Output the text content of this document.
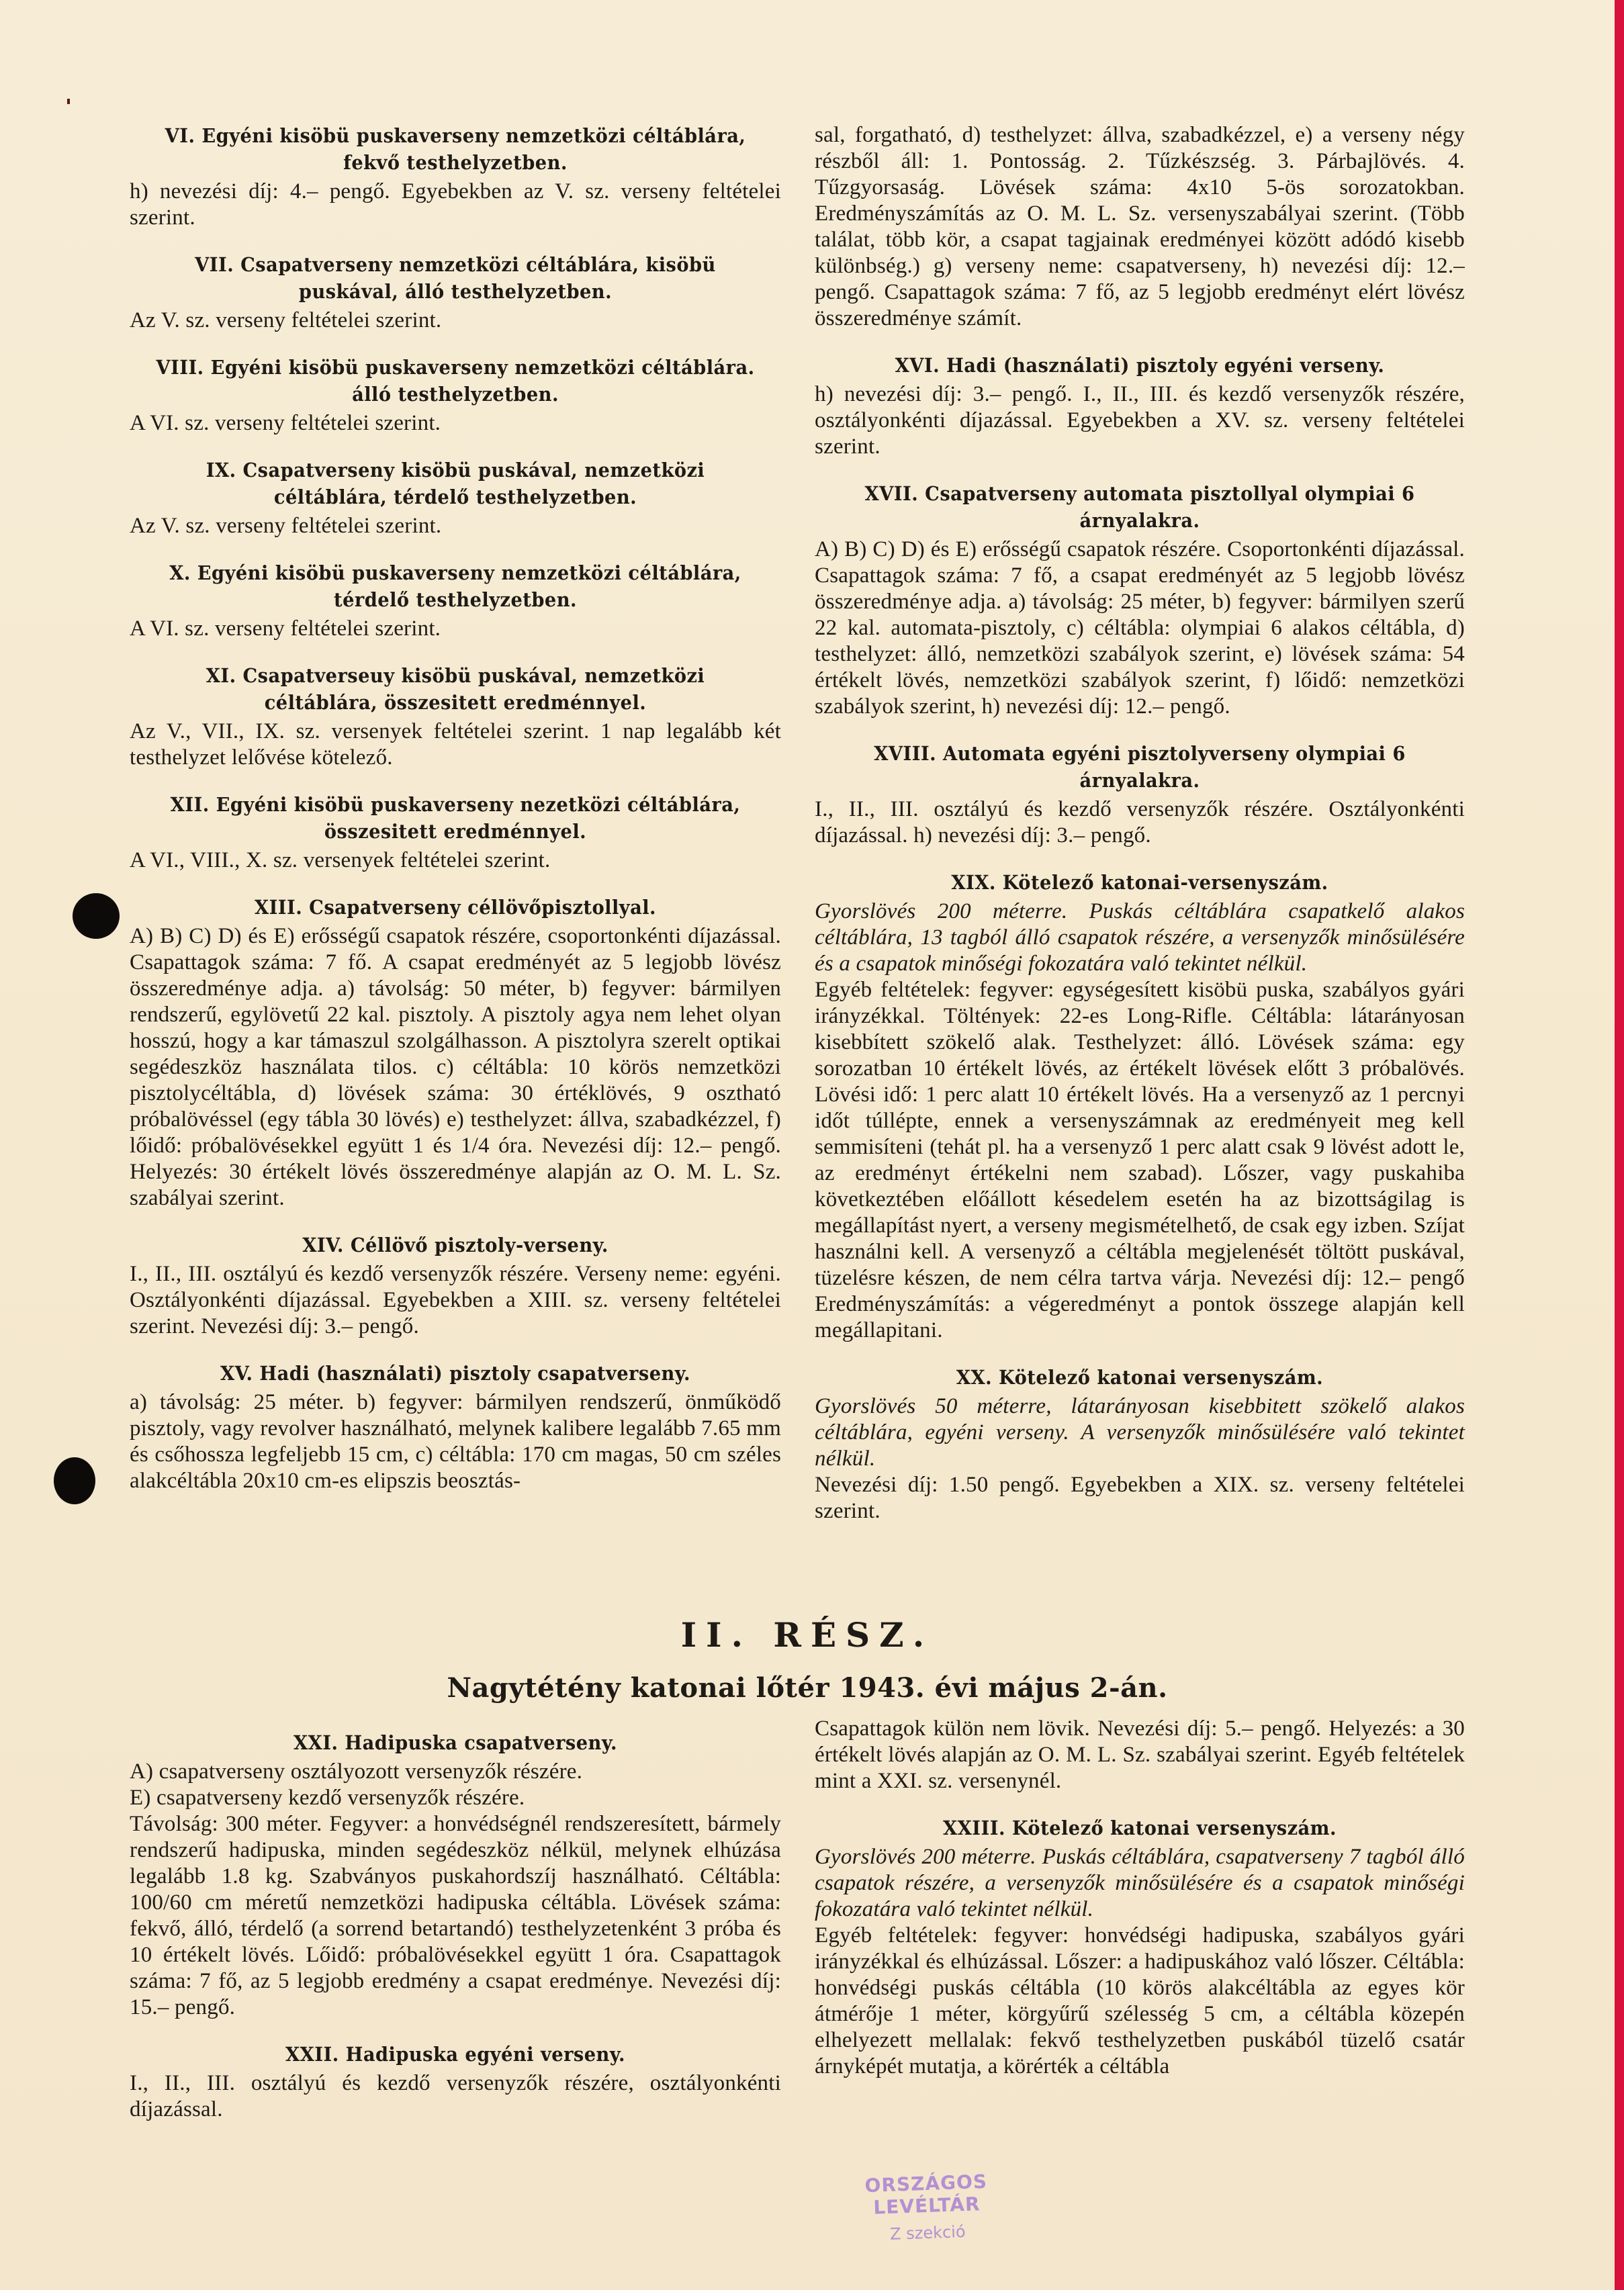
VI. Egyéni kisöbü puskaverseny nemzetközi céltáblára, fekvő testhelyzetben.

h) nevezési díj: 4.– pengő. Egyebekben az V. sz. verseny feltételei szerint.

VII. Csapatverseny nemzetközi céltáblára, kisöbü puskával, álló testhelyzetben.

Az V. sz. verseny feltételei szerint.

VIII. Egyéni kisöbü puskaverseny nemzetközi céltáblára. álló testhelyzetben.

A VI. sz. verseny feltételei szerint.

IX. Csapatverseny kisöbü puskával, nemzetközi céltáblára, térdelő testhelyzetben.

Az V. sz. verseny feltételei szerint.

X. Egyéni kisöbü puskaverseny nemzetközi céltáblára, térdelő testhelyzetben.

A VI. sz. verseny feltételei szerint.

XI. Csapatverseuy kisöbü puskával, nemzetközi céltáblára, összesitett eredménnyel.

Az V., VII., IX. sz. versenyek feltételei szerint. 1 nap legalább két testhelyzet lelővése kötelező.

XII. Egyéni kisöbü puskaverseny nezetközi céltáblára, összesitett eredménnyel.

A VI., VIII., X. sz. versenyek feltételei szerint.

XIII. Csapatverseny céllövőpisztollyal.

A) B) C) D) és E) erősségű csapatok részére, csoportonkénti díjazással. Csapattagok száma: 7 fő. A csapat eredményét az 5 legjobb lövész összeredménye adja. a) távolság: 50 méter, b) fegyver: bármilyen rendszerű, egylövetű 22 kal. pisztoly. A pisztoly agya nem lehet olyan hosszú, hogy a kar támaszul szolgálhasson. A pisztolyra szerelt optikai segédeszköz használata tilos. c) céltábla: 10 körös nemzetközi pisztolycéltábla, d) lövések száma: 30 értéklövés, 9 osztható próbalövéssel (egy tábla 30 lövés) e) testhelyzet: állva, szabadkézzel, f) lőidő: próbalövésekkel együtt 1 és 1/4 óra. Nevezési díj: 12.– pengő. Helyezés: 30 értékelt lövés összeredménye alapján az O. M. L. Sz. szabályai szerint.

XIV. Céllövő pisztoly-verseny.

I., II., III. osztályú és kezdő versenyzők részére. Verseny neme: egyéni. Osztályonkénti díjazással. Egyebekben a XIII. sz. verseny feltételei szerint. Nevezési díj: 3.– pengő.

XV. Hadi (használati) pisztoly csapatverseny.

a) távolság: 25 méter. b) fegyver: bármilyen rendszerű, önműködő pisztoly, vagy revolver használható, melynek kalibere legalább 7.65 mm és csőhossza legfeljebb 15 cm, c) céltábla: 170 cm magas, 50 cm széles alakcéltábla 20x10 cm-es elipszis beosztás-

sal, forgatható, d) testhelyzet: állva, szabadkézzel, e) a verseny négy részből áll: 1. Pontosság. 2. Tűzkészség. 3. Párbajlövés. 4. Tűzgyorsaság. Lövések száma: 4x10 5-ös sorozatokban. Eredményszámítás az O. M. L. Sz. versenyszabályai szerint. (Több találat, több kör, a csapat tagjainak eredményei között adódó kisebb különbség.) g) verseny neme: csapatverseny, h) nevezési díj: 12.– pengő. Csapattagok száma: 7 fő, az 5 legjobb eredményt elért lövész összeredménye számít.

XVI. Hadi (használati) pisztoly egyéni verseny.

h) nevezési díj: 3.– pengő. I., II., III. és kezdő versenyzők részére, osztályonkénti díjazással. Egyebekben a XV. sz. verseny feltételei szerint.

XVII. Csapatverseny automata pisztollyal olympiai 6 árnyalakra.

A) B) C) D) és E) erősségű csapatok részére. Csoportonkénti díjazással. Csapattagok száma: 7 fő, a csapat eredményét az 5 legjobb lövész összeredménye adja. a) távolság: 25 méter, b) fegyver: bármilyen szerű 22 kal. automata-pisztoly, c) céltábla: olympiai 6 alakos céltábla, d) testhelyzet: álló, nemzetközi szabályok szerint, e) lövések száma: 54 értékelt lövés, nemzetközi szabályok szerint, f) lőidő: nemzetközi szabályok szerint, h) nevezési díj: 12.– pengő.

XVIII. Automata egyéni pisztolyverseny olympiai 6 árnyalakra.

I., II., III. osztályú és kezdő versenyzők részére. Osztályonkénti díjazással. h) nevezési díj: 3.– pengő.

XIX. Kötelező katonai-versenyszám.

Gyorslövés 200 méterre. Puskás céltáblára csapatkelő alakos céltáblára, 13 tagból álló csapatok részére, a versenyzők minősülésére és a csapatok minőségi fokozatára való tekintet nélkül.

Egyéb feltételek: fegyver: egységesített kisöbü puska, szabályos gyári irányzékkal. Töltények: 22-es Long-Rifle. Céltábla: látarányosan kisebbített szökelő alak. Testhelyzet: álló. Lövések száma: egy sorozatban 10 értékelt lövés, az értékelt lövések előtt 3 próbalövés. Lövési idő: 1 perc alatt 10 értékelt lövés. Ha a versenyző az 1 percnyi időt túllépte, ennek a versenyszámnak az eredményeit meg kell semmisíteni (tehát pl. ha a versenyző 1 perc alatt csak 9 lövést adott le, az eredményt értékelni nem szabad). Lőszer, vagy puskahiba következtében előállott késedelem esetén ha az bizottságilag is megállapítást nyert, a verseny megismételhető, de csak egy izben. Szíjat használni kell. A versenyző a céltábla megjelenését töltött puskával, tüzelésre készen, de nem célra tartva várja. Nevezési díj: 12.– pengő Eredményszámítás: a végeredményt a pontok összege alapján kell megállapitani.

XX. Kötelező katonai versenyszám.

Gyorslövés 50 méterre, látarányosan kisebbitett szökelő alakos céltáblára, egyéni verseny. A versenyzők minősülésére való tekintet nélkül.

Nevezési díj: 1.50 pengő. Egyebekben a XIX. sz. verseny feltételei szerint.

II. RÉSZ.
Nagytétény katonai lőtér 1943. évi május 2-án.
XXI. Hadipuska csapatverseny.

A) csapatverseny osztályozott versenyzők részére.

E) csapatverseny kezdő versenyzők részére.

Távolság: 300 méter. Fegyver: a honvédségnél rendszeresített, bármely rendszerű hadipuska, minden segédeszköz nélkül, melynek elhúzása legalább 1.8 kg. Szabványos puskahordszíj használható. Céltábla: 100/60 cm méretű nemzetközi hadipuska céltábla. Lövések száma: fekvő, álló, térdelő (a sorrend betartandó) testhelyzetenként 3 próba és 10 értékelt lövés. Lőidő: próbalövésekkel együtt 1 óra. Csapattagok száma: 7 fő, az 5 legjobb eredmény a csapat eredménye. Nevezési díj: 15.– pengő.

XXII. Hadipuska egyéni verseny.

I., II., III. osztályú és kezdő versenyzők részére, osztályonkénti díjazással.

Csapattagok külön nem lövik. Nevezési díj: 5.– pengő. Helyezés: a 30 értékelt lövés alapján az O. M. L. Sz. szabályai szerint. Egyéb feltételek mint a XXI. sz. versenynél.

XXIII. Kötelező katonai versenyszám.

Gyorslövés 200 méterre. Puskás céltáblára, csapatverseny 7 tagból álló csapatok részére, a versenyzők minősülésére és a csapatok minőségi fokozatára való tekintet nélkül.

Egyéb feltételek: fegyver: honvédségi hadipuska, szabályos gyári irányzékkal és elhúzással. Lőszer: a hadipuskához való lőszer. Céltábla: honvédségi puskás céltábla (10 körös alakcéltábla az egyes kör átmérője 1 méter, körgyűrű szélesség 5 cm, a céltábla közepén elhelyezett mellalak: fekvő testhelyzetben puskából tüzelő csatár árnyképét mutatja, a körérték a céltábla

ORSZÁGOS LEVÉLTÁR
Z szekció
